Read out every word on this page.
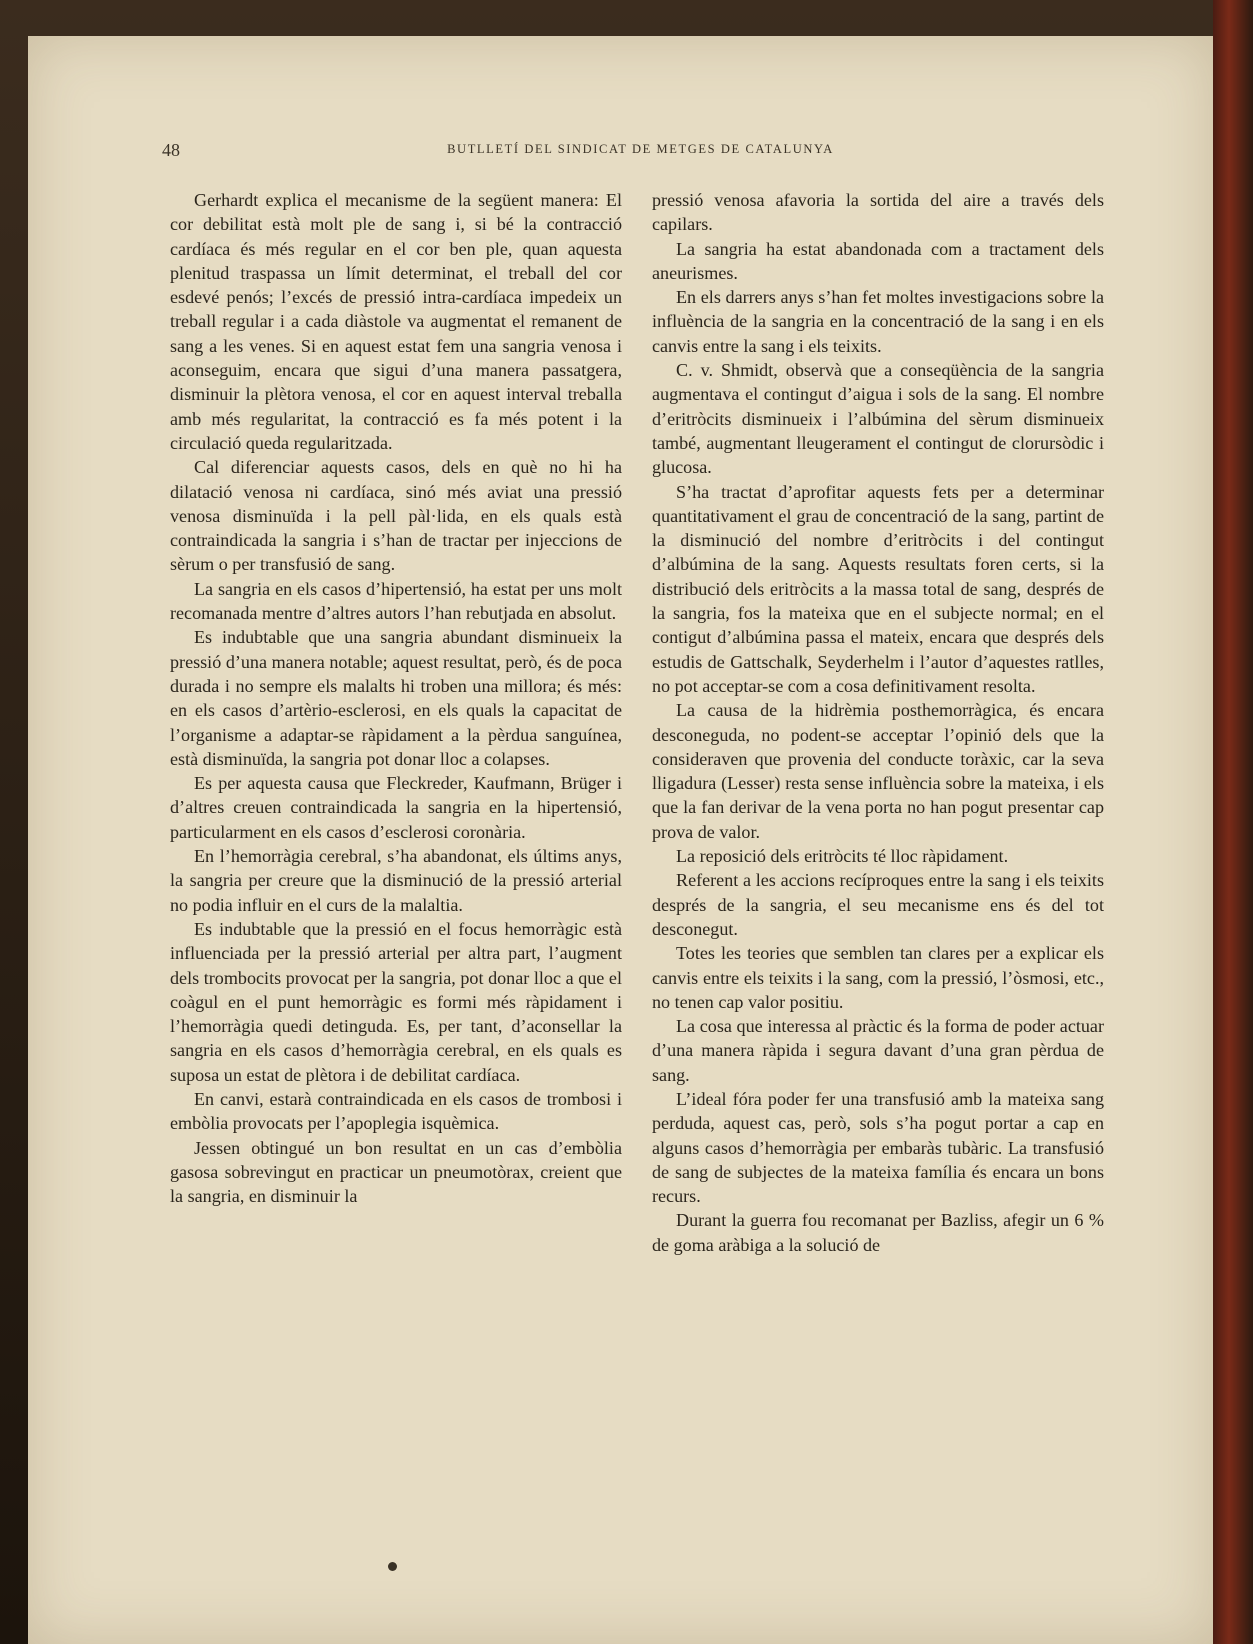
48	BUTLLETÍ DEL SINDICAT DE METGES DE CATALUNYA

Gerhardt explica el mecanisme de la següent manera: El cor debilitat està molt ple de sang i, si bé la contracció cardíaca és més regular en el cor ben ple, quan aquesta plenitud traspassa un límit determinat, el treball del cor esdevé penós; l’excés de pressió intra-cardíaca impedeix un treball regular i a cada diàstole va augmentat el remanent de sang a les venes. Si en aquest estat fem una sangria venosa i aconseguim, encara que sigui d’una manera passatgera, disminuir la plètora venosa, el cor en aquest interval treballa amb més regularitat, la contracció es fa més potent i la circulació queda regularitzada.

Cal diferenciar aquests casos, dels en què no hi ha dilatació venosa ni cardíaca, sinó més aviat una pressió venosa disminuïda i la pell pàl·lida, en els quals està contraindicada la sangria i s’han de tractar per injeccions de sèrum o per transfusió de sang.

La sangria en els casos d’hipertensió, ha estat per uns molt recomanada mentre d’altres autors l’han rebutjada en absolut.

Es indubtable que una sangria abundant disminueix la pressió d’una manera notable; aquest resultat, però, és de poca durada i no sempre els malalts hi troben una millora; és més: en els casos d’artèrio-esclerosi, en els quals la capacitat de l’organisme a adaptar-se ràpidament a la pèrdua sanguínea, està disminuïda, la sangria pot donar lloc a colapses.

Es per aquesta causa que Fleckreder, Kaufmann, Brüger i d’altres creuen contraindicada la sangria en la hipertensió, particularment en els casos d’esclerosi coronària.

En l’hemorràgia cerebral, s’ha abandonat, els últims anys, la sangria per creure que la disminució de la pressió arterial no podia influir en el curs de la malaltia.

Es indubtable que la pressió en el focus hemorràgic està influenciada per la pressió arterial per altra part, l’augment dels trombocits provocat per la sangria, pot donar lloc a que el coàgul en el punt hemorràgic es formi més ràpidament i l’hemorràgia quedi detinguda. Es, per tant, d’aconsellar la sangria en els casos d’hemorràgia cerebral, en els quals es suposa un estat de plètora i de debilitat cardíaca.

En canvi, estarà contraindicada en els casos de trombosi i embòlia provocats per l’apoplegia isquèmica.

Jessen obtingué un bon resultat en un cas d’embòlia gasosa sobrevingut en practicar un pneumotòrax, creient que la sangria, en disminuir la

pressió venosa afavoria la sortida del aire a través dels capilars.

La sangria ha estat abandonada com a tractament dels aneurismes.

En els darrers anys s’han fet moltes investigacions sobre la influència de la sangria en la concentració de la sang i en els canvis entre la sang i els teixits.

C. v. Shmidt, observà que a conseqüència de la sangria augmentava el contingut d’aigua i sols de la sang. El nombre d’eritròcits disminueix i l’albúmina del sèrum disminueix també, augmentant lleugerament el contingut de clorursòdic i glucosa.

S’ha tractat d’aprofitar aquests fets per a determinar quantitativament el grau de concentració de la sang, partint de la disminució del nombre d’eritròcits i del contingut d’albúmina de la sang. Aquests resultats foren certs, si la distribució dels eritròcits a la massa total de sang, després de la sangria, fos la mateixa que en el subjecte normal; en el contigut d’albúmina passa el mateix, encara que després dels estudis de Gattschalk, Seyderhelm i l’autor d’aquestes ratlles, no pot acceptar-se com a cosa definitivament resolta.

La causa de la hidrèmia posthemorràgica, és encara desconeguda, no podent-se acceptar l’opinió dels que la consideraven que provenia del conducte toràxic, car la seva lligadura (Lesser) resta sense influència sobre la mateixa, i els que la fan derivar de la vena porta no han pogut presentar cap prova de valor.

La reposició dels eritròcits té lloc ràpidament.

Referent a les accions recíproques entre la sang i els teixits després de la sangria, el seu mecanisme ens és del tot desconegut.

Totes les teories que semblen tan clares per a explicar els canvis entre els teixits i la sang, com la pressió, l’òsmosi, etc., no tenen cap valor positiu.

La cosa que interessa al pràctic és la forma de poder actuar d’una manera ràpida i segura davant d’una gran pèrdua de sang.

L’ideal fóra poder fer una transfusió amb la mateixa sang perduda, aquest cas, però, sols s’ha pogut portar a cap en alguns casos d’hemorràgia per embaràs tubàric. La transfusió de sang de subjectes de la mateixa família és encara un bons recurs.

Durant la guerra fou recomanat per Bazliss, afegir un 6 % de goma aràbiga a la solució de
